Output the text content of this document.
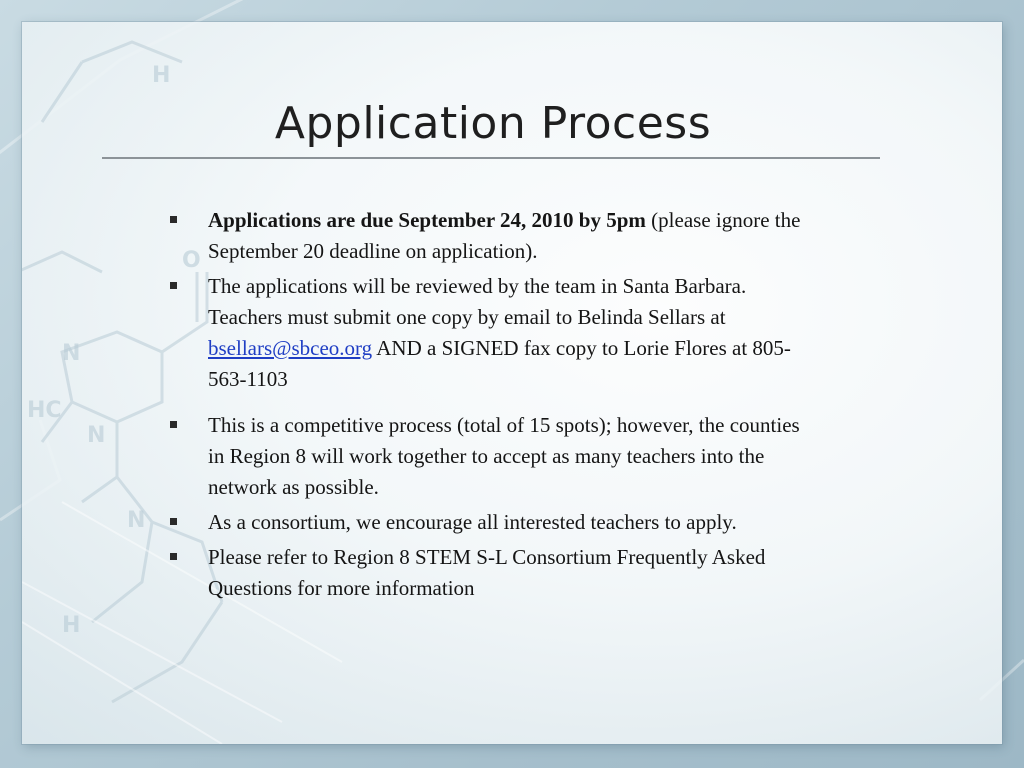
N
N
HC
O
N
H
H
Application Process
Applications are due September 24, 2010 by 5pm (please ignore the September 20 deadline on application).
The applications will be reviewed by the team in Santa Barbara. Teachers must submit one copy by email to Belinda Sellars at bsellars@sbceo.org AND a SIGNED fax copy to Lorie Flores at 805-563-1103
This is a competitive process (total of 15 spots); however, the counties in Region 8 will work together to accept as many teachers into the network as possible.
As a consortium, we encourage all interested teachers to apply.
Please refer to Region 8 STEM S-L Consortium Frequently Asked Questions for more information
